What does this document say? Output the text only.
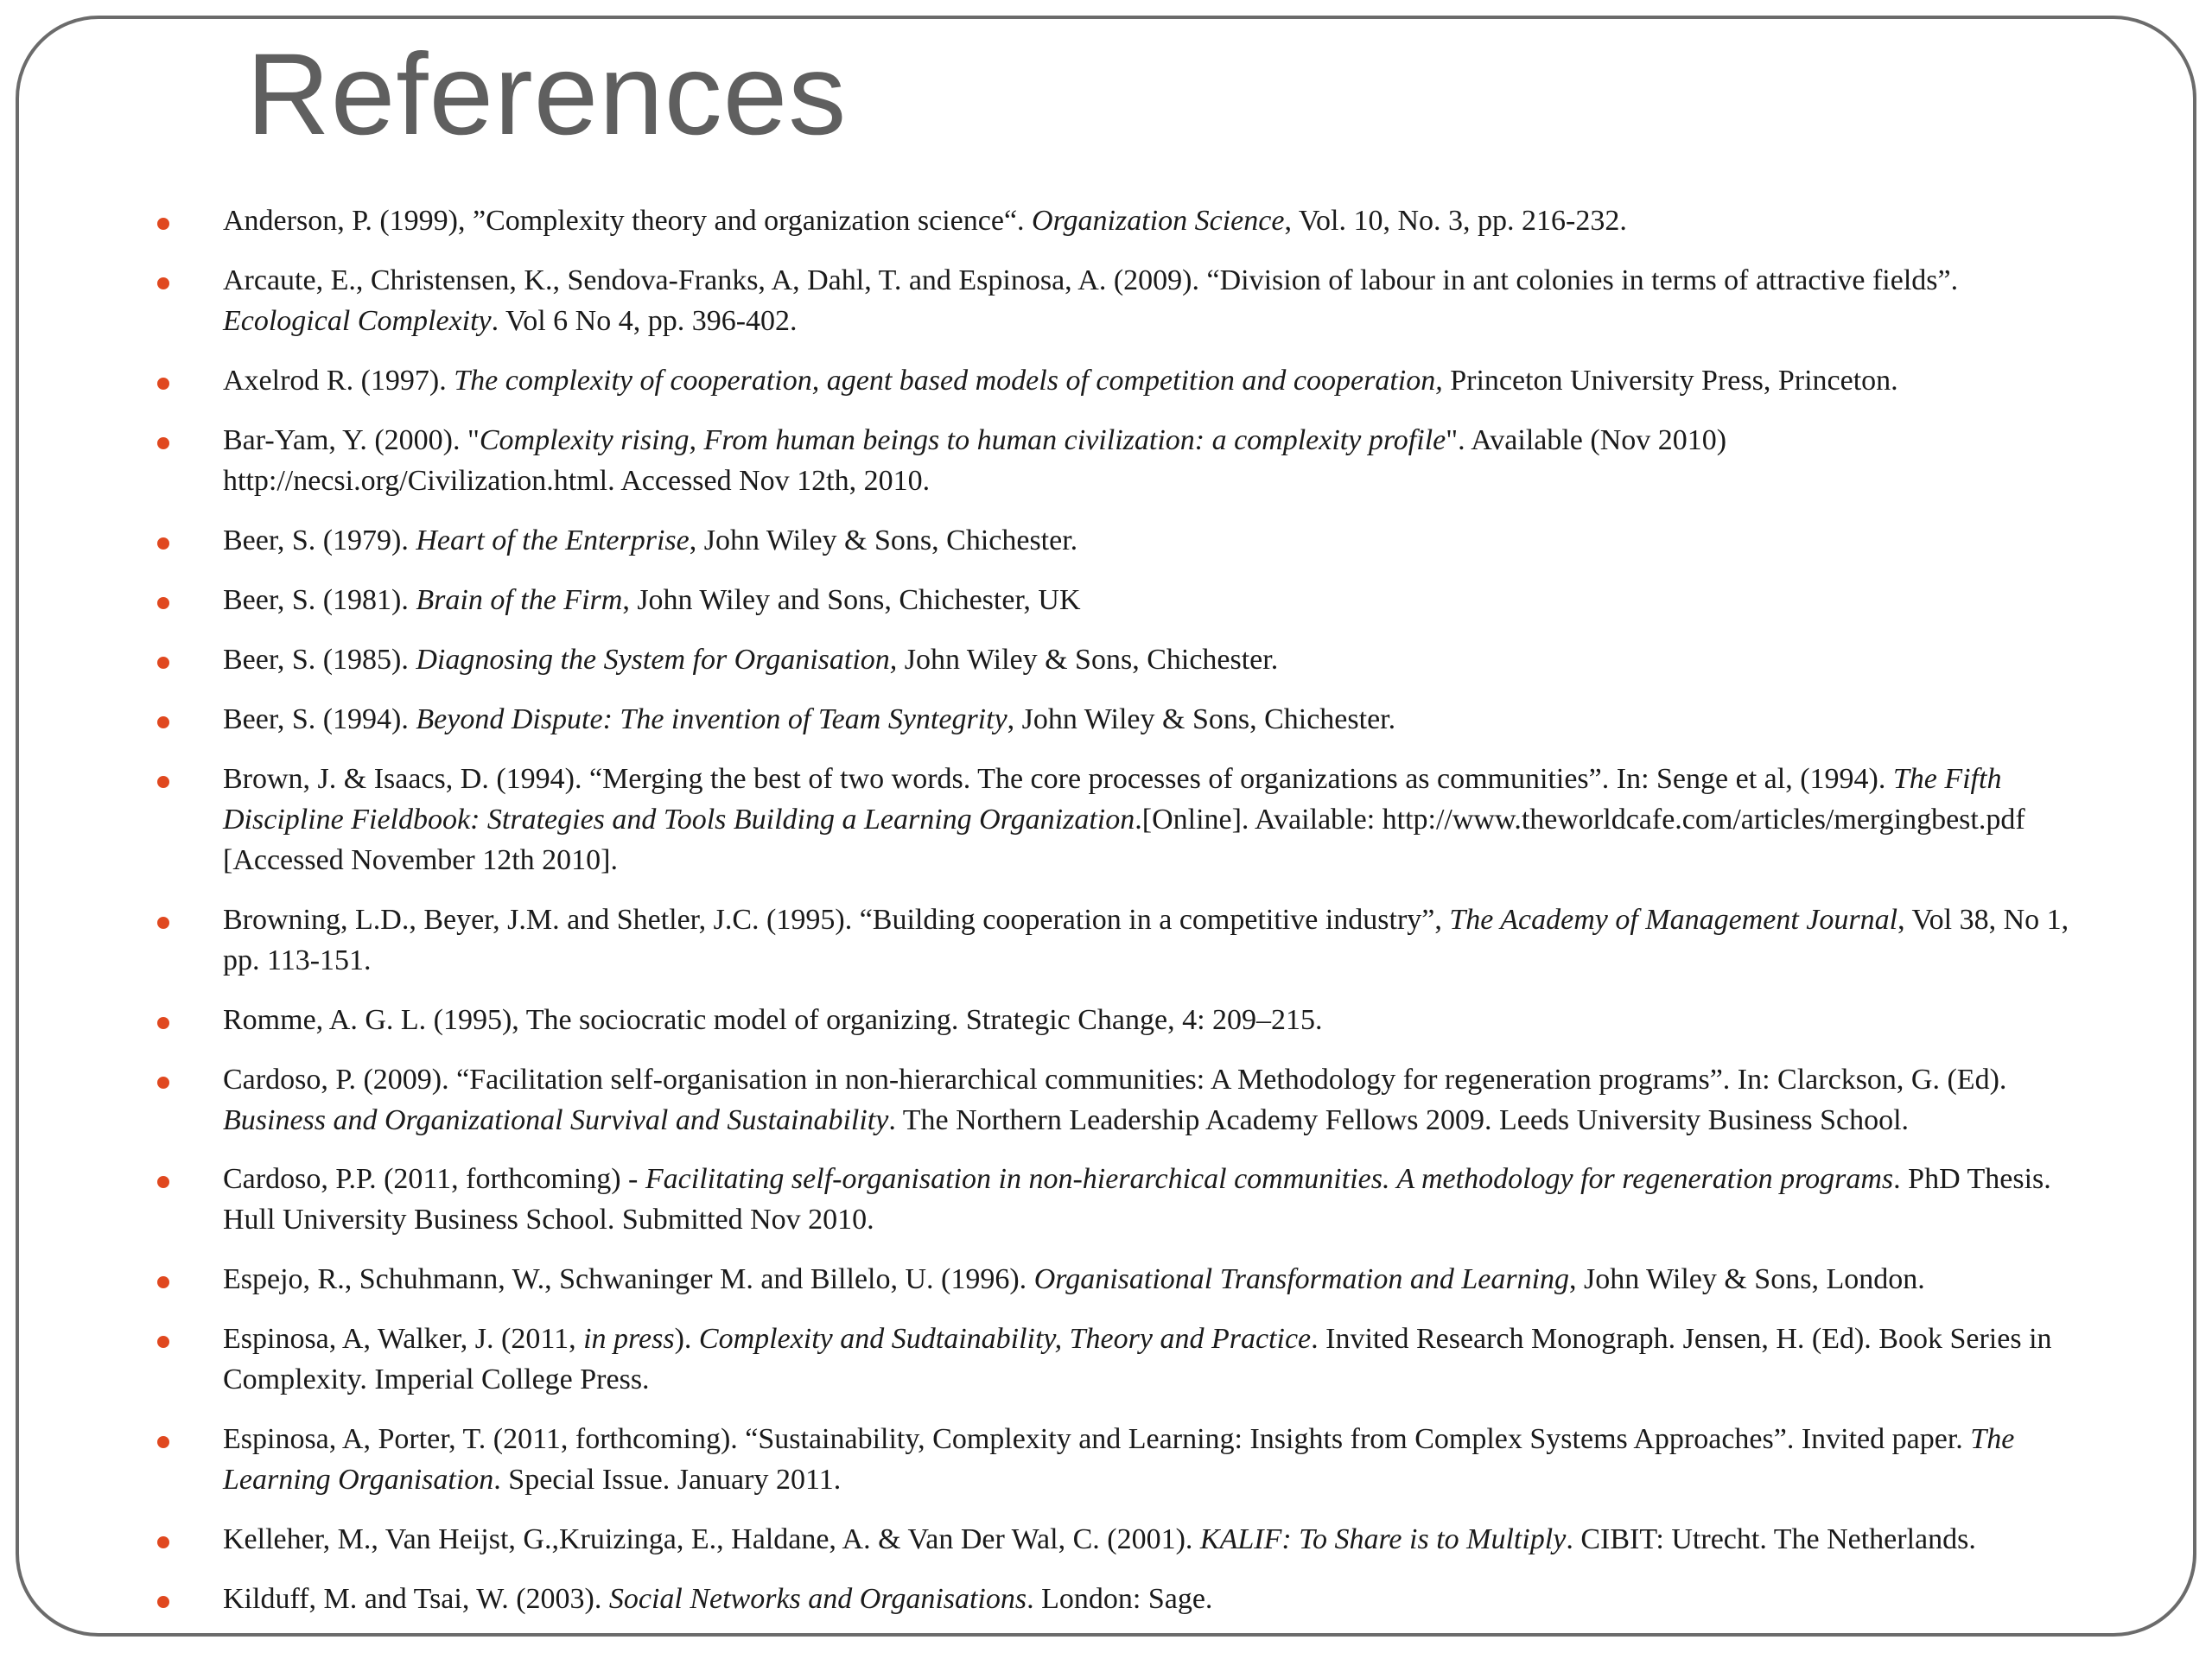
References

Anderson, P. (1999), ”Complexity theory and organization science“. Organization Science, Vol. 10, No. 3, pp. 216-232.

Arcaute, E., Christensen, K., Sendova-Franks, A, Dahl, T. and Espinosa, A. (2009). “Division of labour in ant colonies in terms of attractive fields”. Ecological Complexity. Vol 6 No 4, pp. 396-402.

Axelrod R. (1997). The complexity of cooperation, agent based models of competition and cooperation, Princeton University Press, Princeton.

Bar-Yam, Y. (2000). "Complexity rising, From human beings to human civilization: a complexity profile". Available (Nov 2010) http://necsi.org/Civilization.html. Accessed Nov 12th, 2010.

Beer, S. (1979). Heart of the Enterprise, John Wiley & Sons, Chichester.

Beer, S. (1981). Brain of the Firm, John Wiley and Sons, Chichester, UK

Beer, S. (1985). Diagnosing the System for Organisation, John Wiley & Sons, Chichester.

Beer, S. (1994). Beyond Dispute: The invention of Team Syntegrity, John Wiley & Sons, Chichester.

Brown, J. & Isaacs, D. (1994). “Merging the best of two words. The core processes of organizations as communities”. In: Senge et al, (1994). The Fifth Discipline Fieldbook: Strategies and Tools Building a Learning Organization.[Online]. Available: http://www.theworldcafe.com/articles/mergingbest.pdf [Accessed November 12th 2010].

Browning, L.D., Beyer, J.M. and Shetler, J.C. (1995). “Building cooperation in a competitive industry”, The Academy of Management Journal, Vol 38, No 1, pp. 113-151.

Romme, A. G. L. (1995), The sociocratic model of organizing. Strategic Change, 4: 209–215.

Cardoso, P. (2009). “Facilitation self-organisation in non-hierarchical communities: A Methodology for regeneration programs”. In: Clarckson, G. (Ed). Business and Organizational Survival and Sustainability. The Northern Leadership Academy Fellows 2009. Leeds University Business School.

Cardoso, P.P. (2011, forthcoming) - Facilitating self-organisation in non-hierarchical communities. A methodology for regeneration programs. PhD Thesis. Hull University Business School. Submitted Nov 2010.

Espejo, R., Schuhmann, W., Schwaninger M. and Billelo, U. (1996). Organisational Transformation and Learning, John Wiley & Sons, London.

Espinosa, A, Walker, J. (2011, in press). Complexity and Sudtainability, Theory and Practice. Invited Research Monograph. Jensen, H. (Ed). Book Series in Complexity. Imperial College Press.

Espinosa, A, Porter, T. (2011, forthcoming). “Sustainability, Complexity and Learning: Insights from Complex Systems Approaches”. Invited paper. The Learning Organisation. Special Issue. January 2011.

Kelleher, M., Van Heijst, G.,Kruizinga, E., Haldane, A. & Van Der Wal, C. (2001). KALIF: To Share is to Multiply. CIBIT: Utrecht. The Netherlands.

Kilduff, M. and Tsai, W. (2003). Social Networks and Organisations. London: Sage.
